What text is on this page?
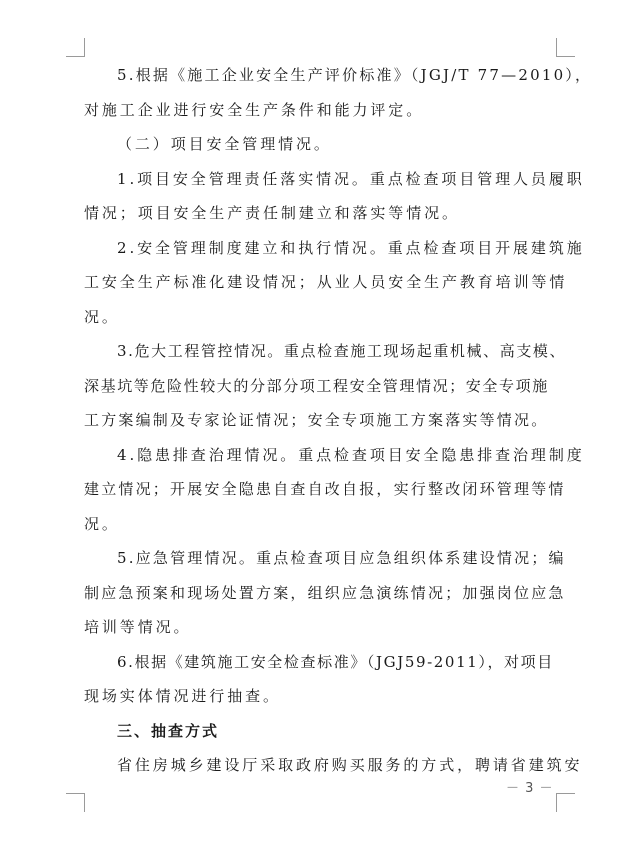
5.根据《施工企业安全生产评价标准》（JGJ/T 77—2010），
对施工企业进行安全生产条件和能力评定。
（二）项目安全管理情况。
1.项目安全管理责任落实情况。重点检查项目管理人员履职
情况；项目安全生产责任制建立和落实等情况。
2.安全管理制度建立和执行情况。重点检查项目开展建筑施
工安全生产标准化建设情况；从业人员安全生产教育培训等情
况。
3.危大工程管控情况。重点检查施工现场起重机械、高支模、
深基坑等危险性较大的分部分项工程安全管理情况；安全专项施
工方案编制及专家论证情况；安全专项施工方案落实等情况。
4.隐患排查治理情况。重点检查项目安全隐患排查治理制度
建立情况；开展安全隐患自查自改自报，实行整改闭环管理等情
况。
5.应急管理情况。重点检查项目应急组织体系建设情况；编
制应急预案和现场处置方案，组织应急演练情况；加强岗位应急
培训等情况。
6.根据《建筑施工安全检查标准》（JGJ59-2011），对项目
现场实体情况进行抽查。
三、抽查方式
省住房城乡建设厅采取政府购买服务的方式，聘请省建筑安
－ 3 －
